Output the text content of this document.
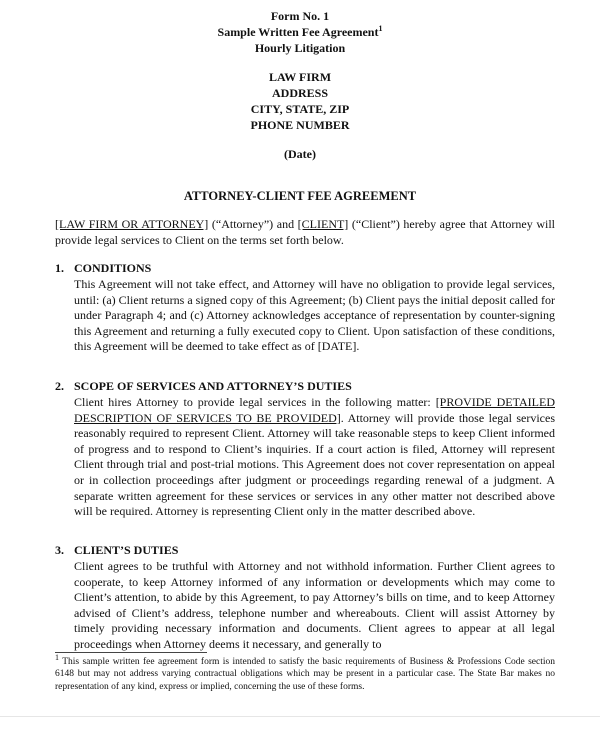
Form No. 1
Sample Written Fee Agreement$^1$
Hourly Litigation
LAW FIRM
ADDRESS
CITY, STATE, ZIP
PHONE NUMBER
(Date)
ATTORNEY-CLIENT FEE AGREEMENT
[LAW FIRM OR ATTORNEY] (“Attorney”) and [CLIENT] (“Client”) hereby agree that Attorney will provide legal services to Client on the terms set forth below.
1. CONDITIONS
This Agreement will not take effect, and Attorney will have no obligation to provide legal services, until: (a) Client returns a signed copy of this Agreement; (b) Client pays the initial deposit called for under Paragraph 4; and (c) Attorney acknowledges acceptance of representation by counter-signing this Agreement and returning a fully executed copy to Client. Upon satisfaction of these conditions, this Agreement will be deemed to take effect as of [DATE].
2. SCOPE OF SERVICES AND ATTORNEY’S DUTIES
Client hires Attorney to provide legal services in the following matter: [PROVIDE DETAILED DESCRIPTION OF SERVICES TO BE PROVIDED]. Attorney will provide those legal services reasonably required to represent Client. Attorney will take reasonable steps to keep Client informed of progress and to respond to Client’s inquiries. If a court action is filed, Attorney will represent Client through trial and post-trial motions. This Agreement does not cover representation on appeal or in collection proceedings after judgment or proceedings regarding renewal of a judgment. A separate written agreement for these services or services in any other matter not described above will be required. Attorney is representing Client only in the matter described above.
3. CLIENT’S DUTIES
Client agrees to be truthful with Attorney and not withhold information. Further Client agrees to cooperate, to keep Attorney informed of any information or developments which may come to Client’s attention, to abide by this Agreement, to pay Attorney’s bills on time, and to keep Attorney advised of Client’s address, telephone number and whereabouts. Client will assist Attorney by timely providing necessary information and documents. Client agrees to appear at all legal proceedings when Attorney deems it necessary, and generally to
$^1$ This sample written fee agreement form is intended to satisfy the basic requirements of Business & Professions Code section 6148 but may not address varying contractual obligations which may be present in a particular case. The State Bar makes no representation of any kind, express or implied, concerning the use of these forms.
